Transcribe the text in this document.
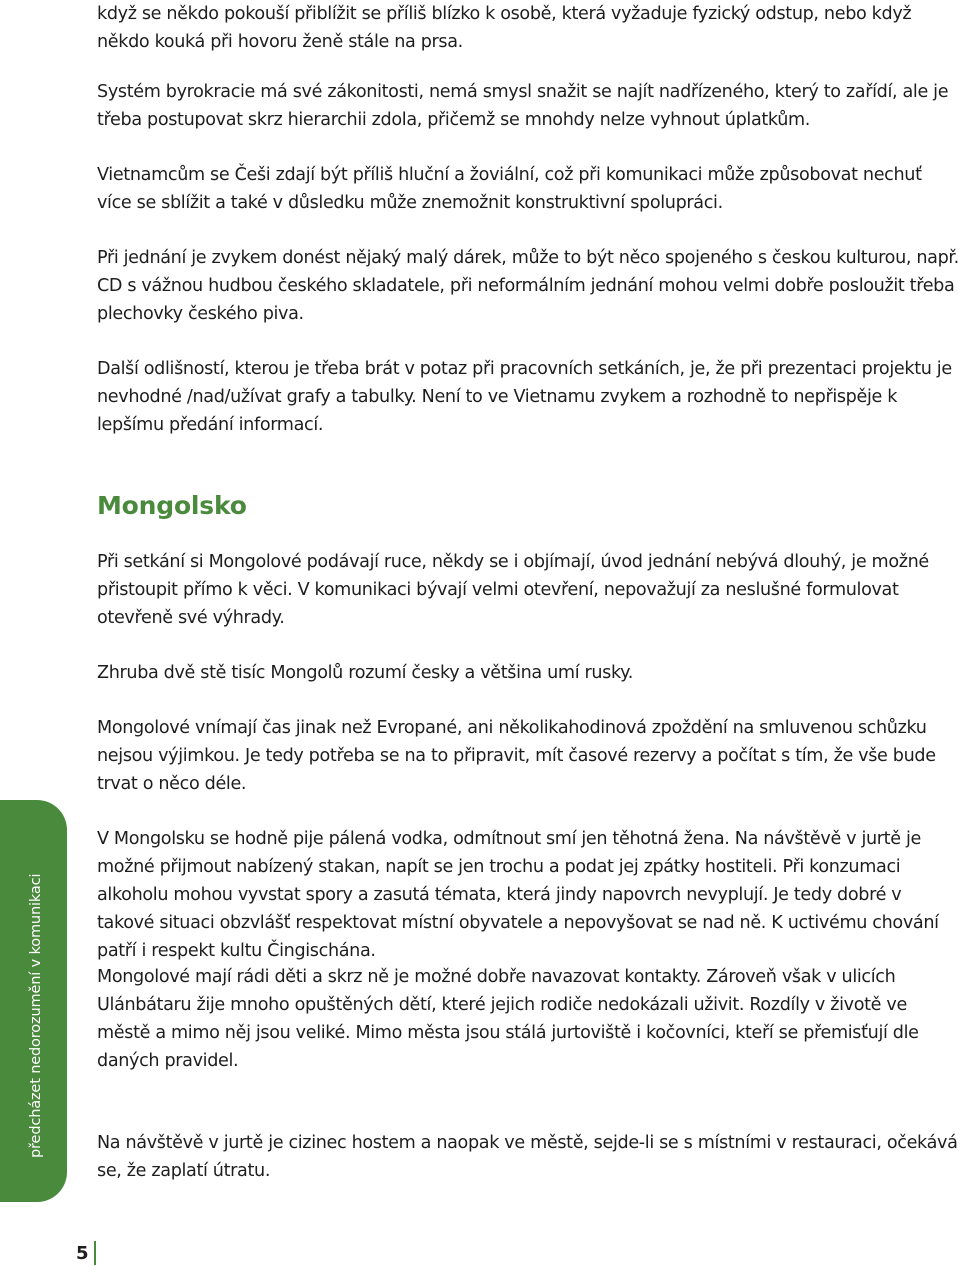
když se někdo pokouší přiblížit se příliš blízko k osobě, která vyžaduje fyzický odstup, nebo když někdo kouká při hovoru ženě stále na prsa.

Systém byrokracie má své zákonitosti, nemá smysl snažit se najít nadřízeného, který to zařídí, ale je třeba postupovat skrz hierarchii zdola, přičemž se mnohdy nelze vyhnout úplatkům.

Vietnamcům se Češi zdají být příliš hluční a žoviální, což při komunikaci může způsobovat nechuť více se sblížit a také v důsledku může znemožnit konstruktivní spolupráci.

Při jednání je zvykem donést nějaký malý dárek, může to být něco spojeného s českou kulturou, např. CD s vážnou hudbou českého skladatele, při neformálním jednání mohou velmi dobře posloužit třeba plechovky českého piva.

Další odlišností, kterou je třeba brát v potaz při pracovních setkáních, je, že při prezentaci projektu je nevhodné /nad/užívat grafy a tabulky. Není to ve Vietnamu zvykem a rozhodně to nepřispěje k lepšímu předání informací.

Mongolsko

Při setkání si Mongolové podávají ruce, někdy se i objímají, úvod jednání nebývá dlouhý, je možné přistoupit přímo k věci. V komunikaci bývají velmi otevření, nepovažují za neslušné formulovat otevřeně své výhrady.

Zhruba dvě stě tisíc Mongolů rozumí česky a většina umí rusky.

Mongolové vnímají čas jinak než Evropané, ani několikahodinová zpoždění na smluvenou schůzku nejsou výjimkou. Je tedy potřeba se na to připravit, mít časové rezervy a počítat s tím, že vše bude trvat o něco déle.

V Mongolsku se hodně pije pálená vodka, odmítnout smí jen těhotná žena. Na návštěvě v jurtě je možné přijmout nabízený stakan, napít se jen trochu a podat jej zpátky hostiteli. Při konzumaci alkoholu mohou vyvstat spory a zasutá témata, která jindy napovrch nevyplují. Je tedy dobré v takové situaci obzvlášť respektovat místní obyvatele a nepovyšovat se nad ně. K uctivému chování patří i respekt kultu Čingischána.

Mongolové mají rádi děti a skrz ně je možné dobře navazovat kontakty. Zároveň však v ulicích Ulánbátaru žije mnoho opuštěných dětí, které jejich rodiče nedokázali uživit. Rozdíly v životě ve městě a mimo něj jsou veliké. Mimo města jsou stálá jurtoviště i kočovníci, kteří se přemisťují dle daných pravidel.

Na návštěvě v jurtě je cizinec hostem a naopak ve městě, sejde-li se s místními v restauraci, očekává se, že zaplatí útratu.

předcházet nedorozumění v komunikaci
5
